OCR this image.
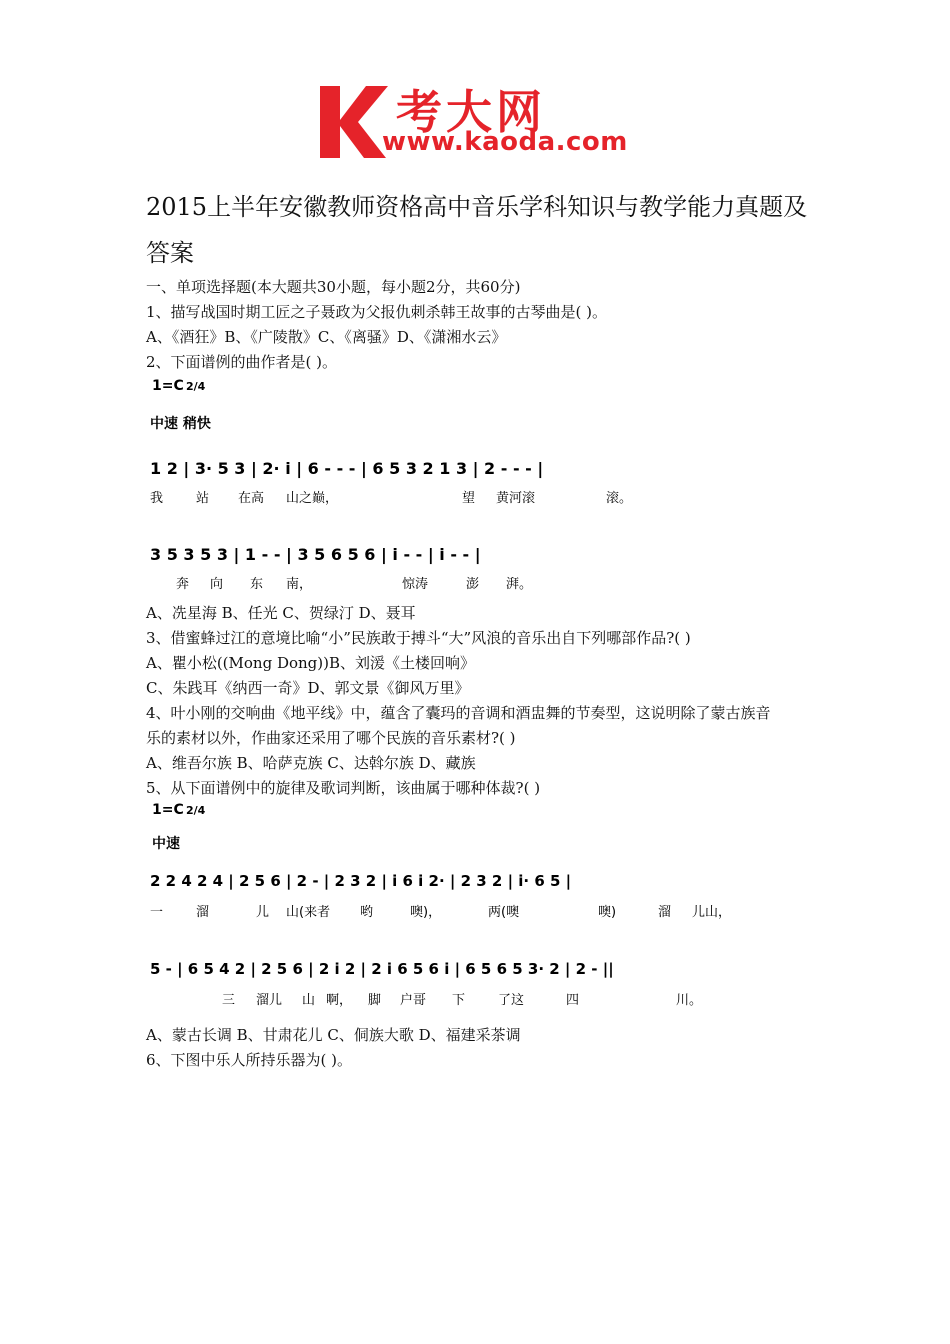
考大网
www.kaoda.com
2015上半年安徽教师资格高中音乐学科知识与教学能力真题及答案
一、单项选择题(本大题共30小题，每小题2分，共60分)
1、描写战国时期工匠之子聂政为父报仇刺杀韩王故事的古琴曲是( )。
A、《酒狂》B、《广陵散》C、《离骚》D、《潇湘水云》
2、下面谱例的曲作者是( )。
1=C 2/4
中速 稍快
1 2 | 3· 5 3 | 2· i | 6 - - - | 6 5 3 2 1 3 | 2 - - - |
我	站 在高 山之巅，	望 黄河滚	滚。
3 5 3 5 3 | 1 - - | 3 5 6 5 6 | i - - | i - - |
奔 向 东 南，	惊涛	澎 湃。
A、冼星海 B、任光 C、贺绿汀 D、聂耳
3、借蜜蜂过江的意境比喻“小”民族敢于搏斗“大”风浪的音乐出自下列哪部作品?( )
A、瞿小松((Mong Dong))B、刘湲《土楼回响》
C、朱践耳《纳西一奇》D、郭文景《御风万里》
4、叶小刚的交响曲《地平线》中，蕴含了囊玛的音调和酒盅舞的节奏型，这说明除了蒙古族音
乐的素材以外，作曲家还采用了哪个民族的音乐素材?( )
A、维吾尔族 B、哈萨克族 C、达斡尔族 D、藏族
5、从下面谱例中的旋律及歌词判断，该曲属于哪种体裁?( )
1=C 2/4
中速
2 2 4 2 4 | 2 5 6 | 2 - | 2 3 2 | i 6 i 2· | 2 3 2 | i· 6 5 |
一	溜	儿 山(来者 哟	噢)，	两(噢	噢)	溜 儿山，
5 - | 6 5 4 2 | 2 5 6 | 2 i 2 | 2 i 6 5 6 i | 6 5 6 5 3· 2 | 2 - ||
三 溜儿 山 啊， 脚 户哥 下	了这	四	川。
A、蒙古长调 B、甘肃花儿 C、侗族大歌 D、福建采茶调
6、下图中乐人所持乐器为( )。
